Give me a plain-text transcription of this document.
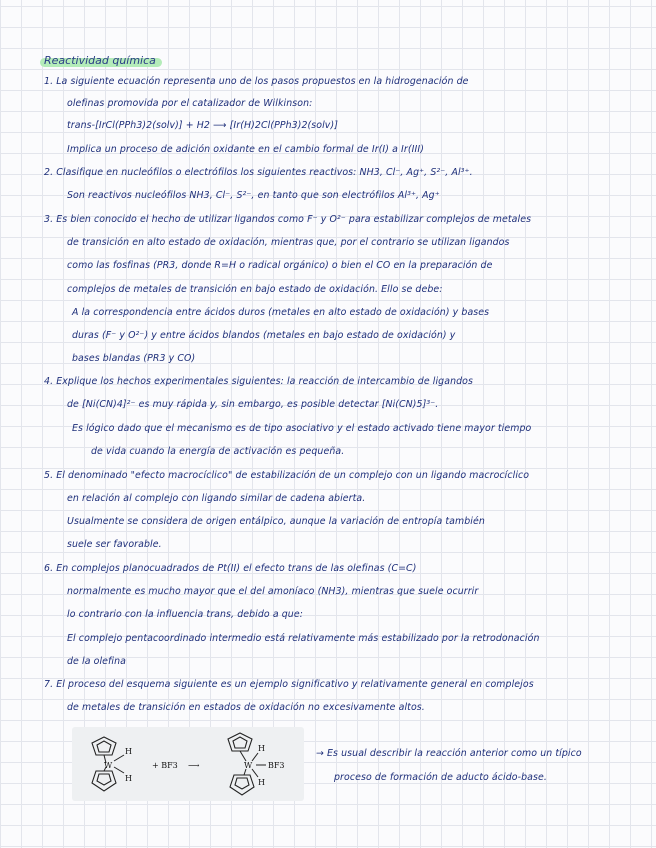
Reactividad química
1. La siguiente ecuación representa uno de los pasos propuestos en la hidrogenación de
olefinas promovida por el catalizador de Wilkinson:
trans-[IrCl(PPh3)2(solv)] + H2 ⟶ [Ir(H)2Cl(PPh3)2(solv)]
Implica un proceso de adición oxidante en el cambio formal de Ir(I) a Ir(III)
2. Clasifique en nucleófilos o electrófilos los siguientes reactivos: NH3, Cl⁻, Ag⁺, S²⁻, Al³⁺.
Son reactivos nucleófilos NH3, Cl⁻, S²⁻, en tanto que son electrófilos Al³⁺, Ag⁺
3. Es bien conocido el hecho de utilizar ligandos como F⁻ y O²⁻ para estabilizar complejos de metales
de transición en alto estado de oxidación, mientras que, por el contrario se utilizan ligandos
como las fosfinas (PR3, donde R=H o radical orgánico) o bien el CO en la preparación de
complejos de metales de transición en bajo estado de oxidación. Ello se debe:
A la correspondencia entre ácidos duros (metales en alto estado de oxidación) y bases
duras (F⁻ y O²⁻) y entre ácidos blandos (metales en bajo estado de oxidación) y
bases blandas (PR3 y CO)
4. Explique los hechos experimentales siguientes: la reacción de intercambio de ligandos
de [Ni(CN)4]²⁻ es muy rápida y, sin embargo, es posible detectar [Ni(CN)5]³⁻.
Es lógico dado que el mecanismo es de tipo asociativo y el estado activado tiene mayor tiempo
de vida cuando la energía de activación es pequeña.
5. El denominado "efecto macrocíclico" de estabilización de un complejo con un ligando macrocíclico
en relación al complejo con ligando similar de cadena abierta.
Usualmente se considera de origen entálpico, aunque la variación de entropía también
suele ser favorable.
6. En complejos planocuadrados de Pt(II) el efecto trans de las olefinas (C=C)
normalmente es mucho mayor que el del amoníaco (NH3), mientras que suele ocurrir
lo contrario con la influencia trans, debido a que:
El complejo pentacoordinado intermedio está relativamente más estabilizado por la retrodonación
de la olefina
7. El proceso del esquema siguiente es un ejemplo significativo y relativamente general en complejos
de metales de transición en estados de oxidación no excesivamente altos.
→ Es usual describir la reacción anterior como un típico
proceso de formación de aducto ácido-base.
W
H
H
+ BF3 ⟶	W
H
H
BF3
